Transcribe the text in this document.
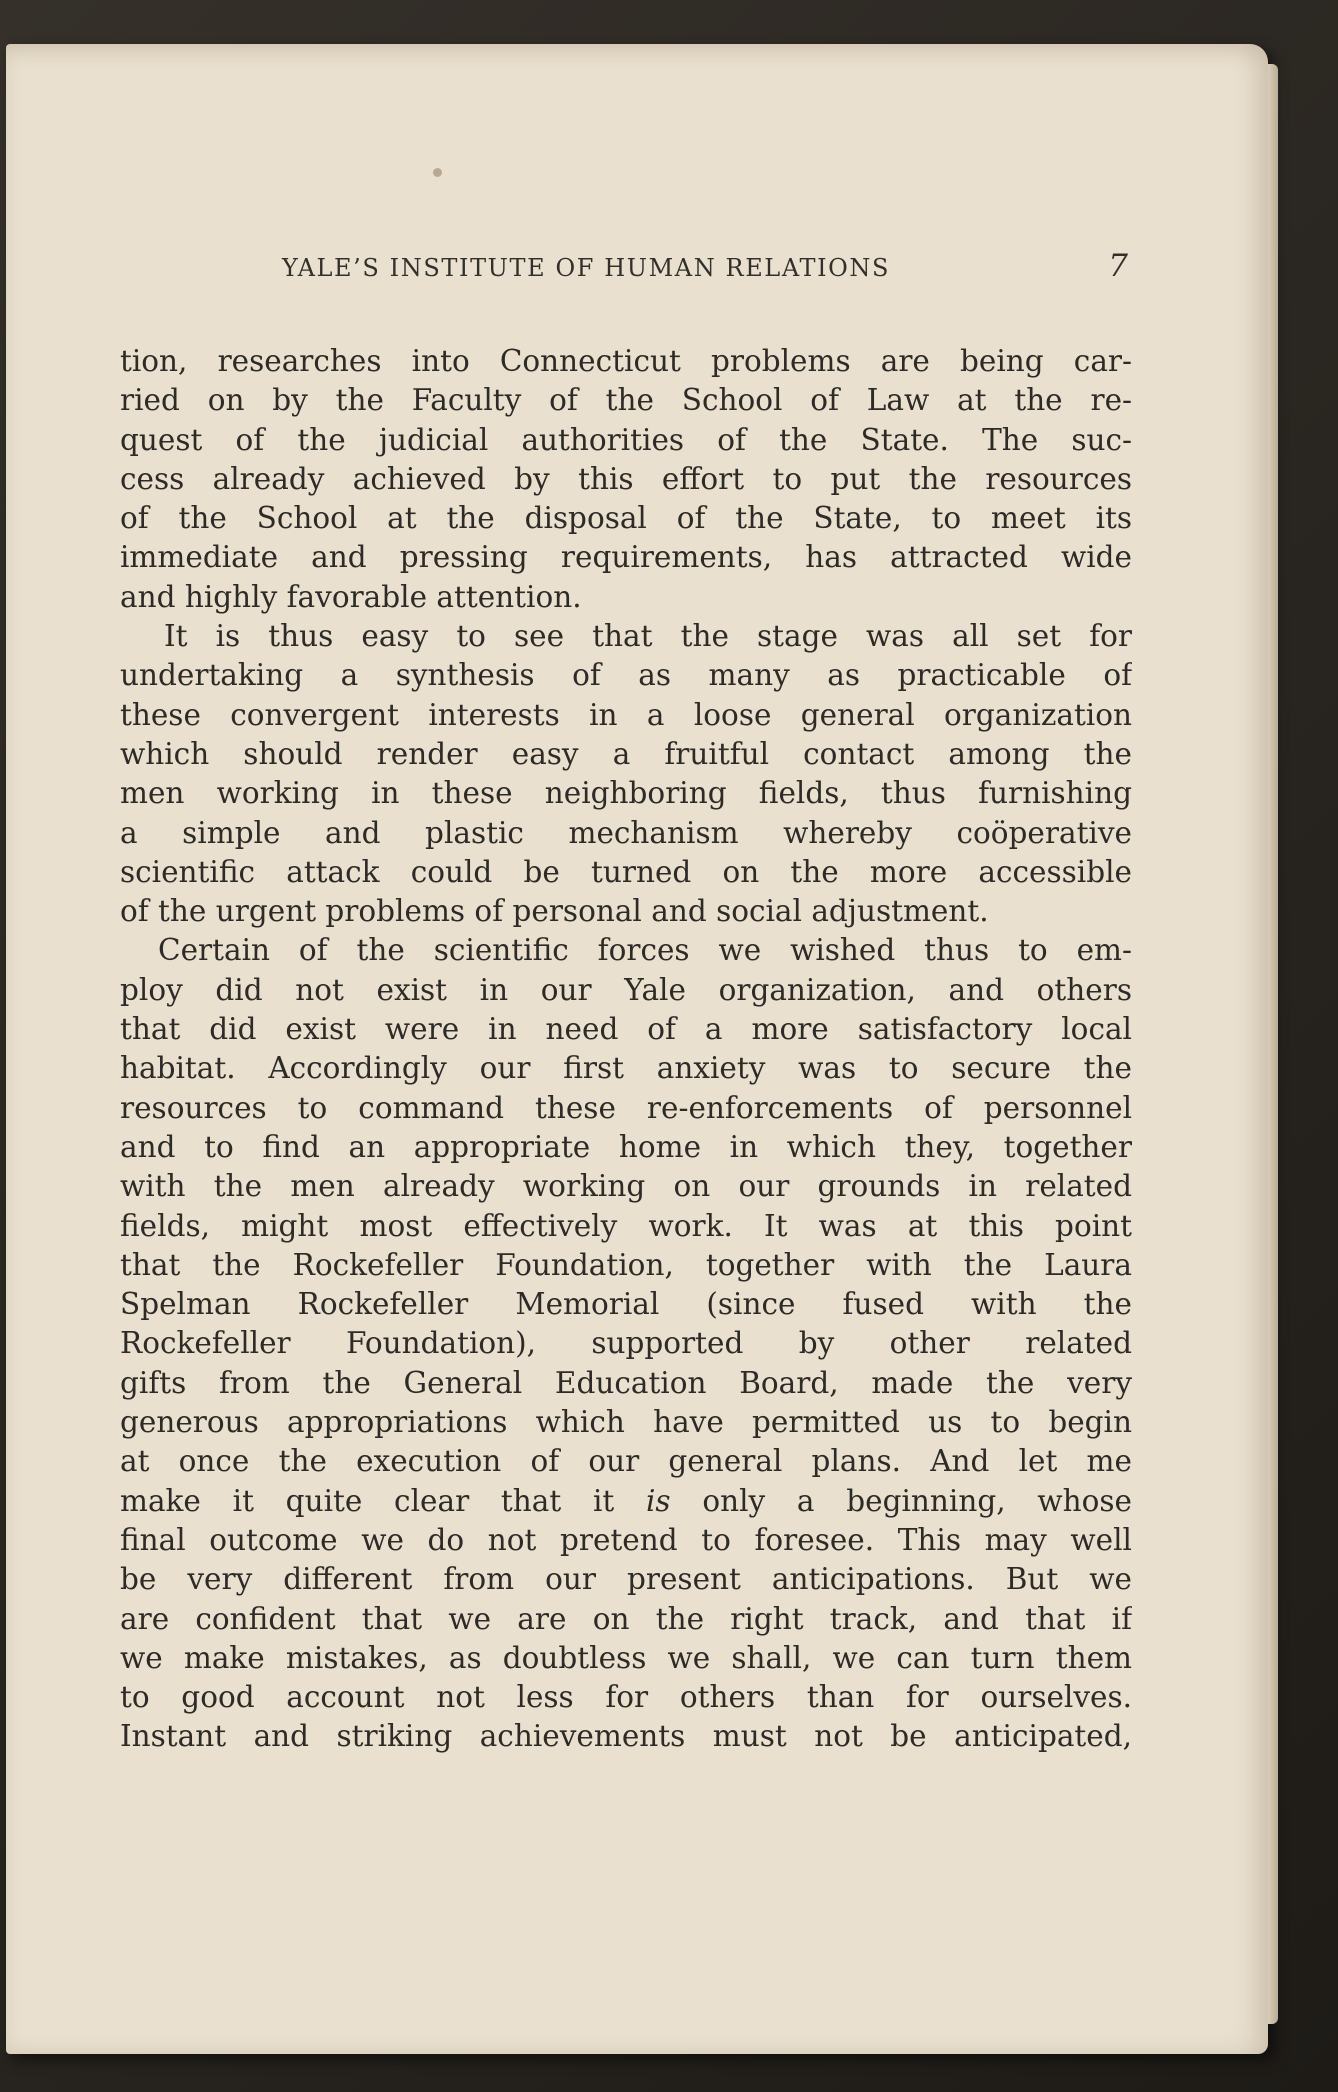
YALE’S INSTITUTE OF HUMAN RELATIONS	7
tion, researches into Connecticut problems are being car-
ried on by the Faculty of the School of Law at the re-
quest of the judicial authorities of the State. The suc-
cess already achieved by this effort to put the resources
of the School at the disposal of the State, to meet its
immediate and pressing requirements, has attracted wide
and highly favorable attention.
It is thus easy to see that the stage was all set for
undertaking a synthesis of as many as practicable of
these convergent interests in a loose general organization
which should render easy a fruitful contact among the
men working in these neighboring fields, thus furnishing
a simple and plastic mechanism whereby coöperative
scientific attack could be turned on the more accessible
of the urgent problems of personal and social adjustment.
Certain of the scientific forces we wished thus to em-
ploy did not exist in our Yale organization, and others
that did exist were in need of a more satisfactory local
habitat. Accordingly our first anxiety was to secure the
resources to command these re-enforcements of personnel
and to find an appropriate home in which they, together
with the men already working on our grounds in related
fields, might most effectively work. It was at this point
that the Rockefeller Foundation, together with the Laura
Spelman Rockefeller Memorial (since fused with the
Rockefeller Foundation), supported by other related
gifts from the General Education Board, made the very
generous appropriations which have permitted us to begin
at once the execution of our general plans. And let me
make it quite clear that it is only a beginning, whose
final outcome we do not pretend to foresee. This may well
be very different from our present anticipations. But we
are confident that we are on the right track, and that if
we make mistakes, as doubtless we shall, we can turn them
to good account not less for others than for ourselves.
Instant and striking achievements must not be anticipated,
